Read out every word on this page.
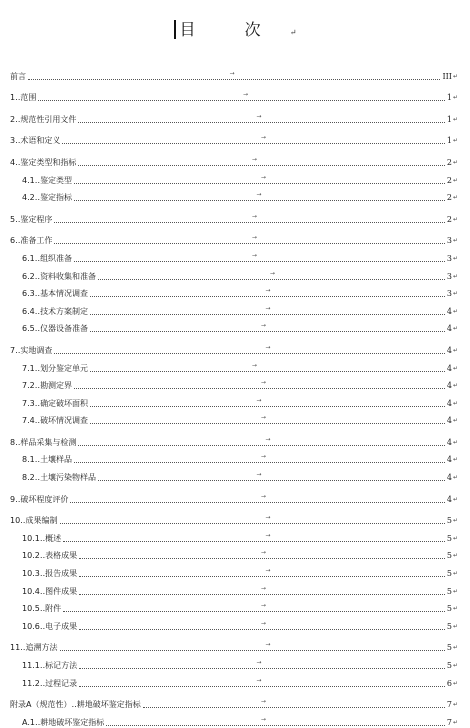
目 次 ↵
前言	III ↵
→
1‥范围	1 ↵
→
2‥规范性引用文件	1 ↵
→
3‥术语和定义	1 ↵
→
4‥鉴定类型和指标	2 ↵
→
4.1‥鉴定类型	2 ↵
→
4.2‥鉴定指标	2 ↵
→
5‥鉴定程序	2 ↵
→
6‥准备工作	3 ↵
→
6.1‥组织准备	3 ↵
→
6.2‥资料收集和准备	3 ↵
→
6.3‥基本情况调查	3 ↵
→
6.4‥技术方案制定	4 ↵
→
6.5‥仪器设备准备	4 ↵
→
7‥实地调查	4 ↵
→
7.1‥划分鉴定单元	4 ↵
→
7.2‥勘测定界	4 ↵
→
7.3‥确定破坏面积	4 ↵
→
7.4‥破坏情况调查	4 ↵
→
8‥样品采集与检测	4 ↵
→
8.1‥土壤样品	4 ↵
→
8.2‥土壤污染物样品	4 ↵
→
9‥破坏程度评价	4 ↵
→
10‥成果编制	5 ↵
→
10.1‥概述	5 ↵
→
10.2‥表格成果	5 ↵
→
10.3‥报告成果	5 ↵
→
10.4‥图件成果	5 ↵
→
10.5‥附件	5 ↵
→
10.6‥电子成果	5 ↵
→
11‥追溯方法	5 ↵
→
11.1‥标记方法	5 ↵
→
11.2‥过程记录	6 ↵
→
附录A（规范性）‥耕地破坏鉴定指标	7 ↵
→
A.1‥耕地破坏鉴定指标	7 ↵
→
